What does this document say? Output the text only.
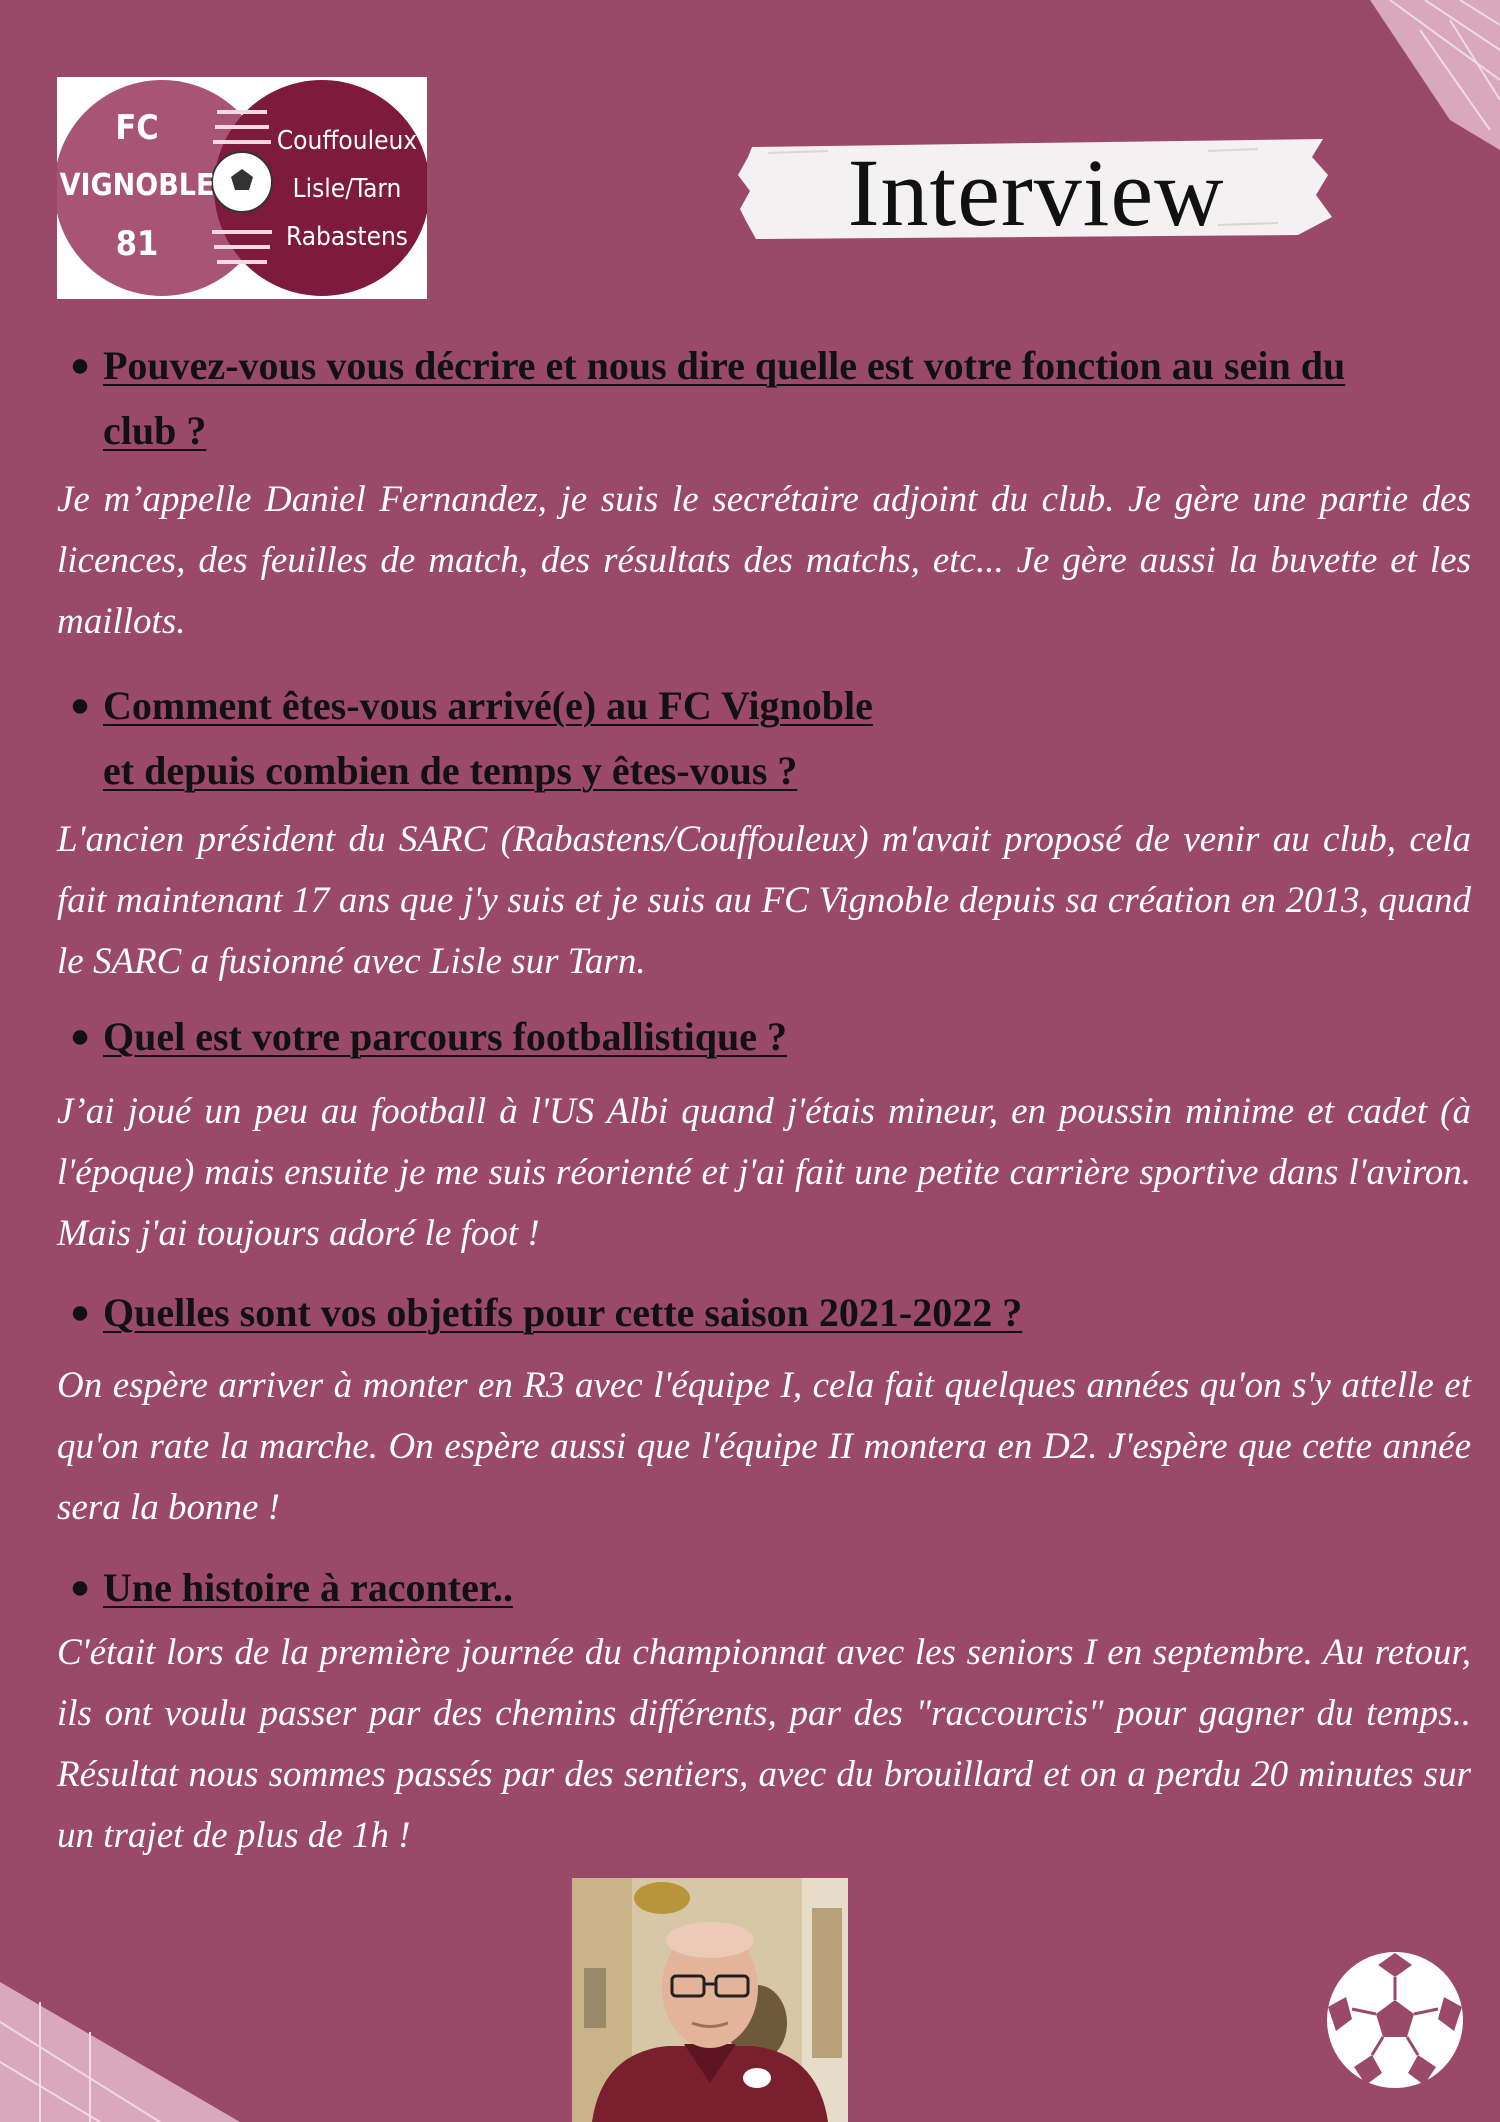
FC
VIGNOBLE
81
Couffouleux
Lisle/Tarn
Rabastens	Interview
● Pouvez-vous vous décrire et nous dire quelle est votre fonction au sein du club ?

Je m’appelle Daniel Fernandez, je suis le secrétaire adjoint du club. Je gère une partie des licences, des feuilles de match, des résultats des matchs, etc... Je gère aussi la buvette et les maillots.

● Comment êtes-vous arrivé(e) au FC Vignoble et depuis combien de temps y êtes-vous ?

L'ancien président du SARC (Rabastens/Couffouleux) m'avait proposé de venir au club, cela fait maintenant 17 ans que j'y suis et je suis au FC Vignoble depuis sa création en 2013, quand le SARC a fusionné avec Lisle sur Tarn.

● Quel est votre parcours footballistique ?

J’ai joué un peu au football à l'US Albi quand j'étais mineur, en poussin minime et cadet (à l'époque) mais ensuite je me suis réorienté et j'ai fait une petite carrière sportive dans l'aviron. Mais j'ai toujours adoré le foot !

● Quelles sont vos objetifs pour cette saison 2021-2022 ?

On espère arriver à monter en R3 avec l'équipe I, cela fait quelques années qu'on s'y attelle et qu'on rate la marche. On espère aussi que l'équipe II montera en D2. J'espère que cette année sera la bonne !

● Une histoire à raconter..

C'était lors de la première journée du championnat avec les seniors I en septembre. Au retour, ils ont voulu passer par des chemins différents, par des "raccourcis" pour gagner du temps.. Résultat nous sommes passés par des sentiers, avec du brouillard et on a perdu 20 minutes sur un trajet de plus de 1h !
